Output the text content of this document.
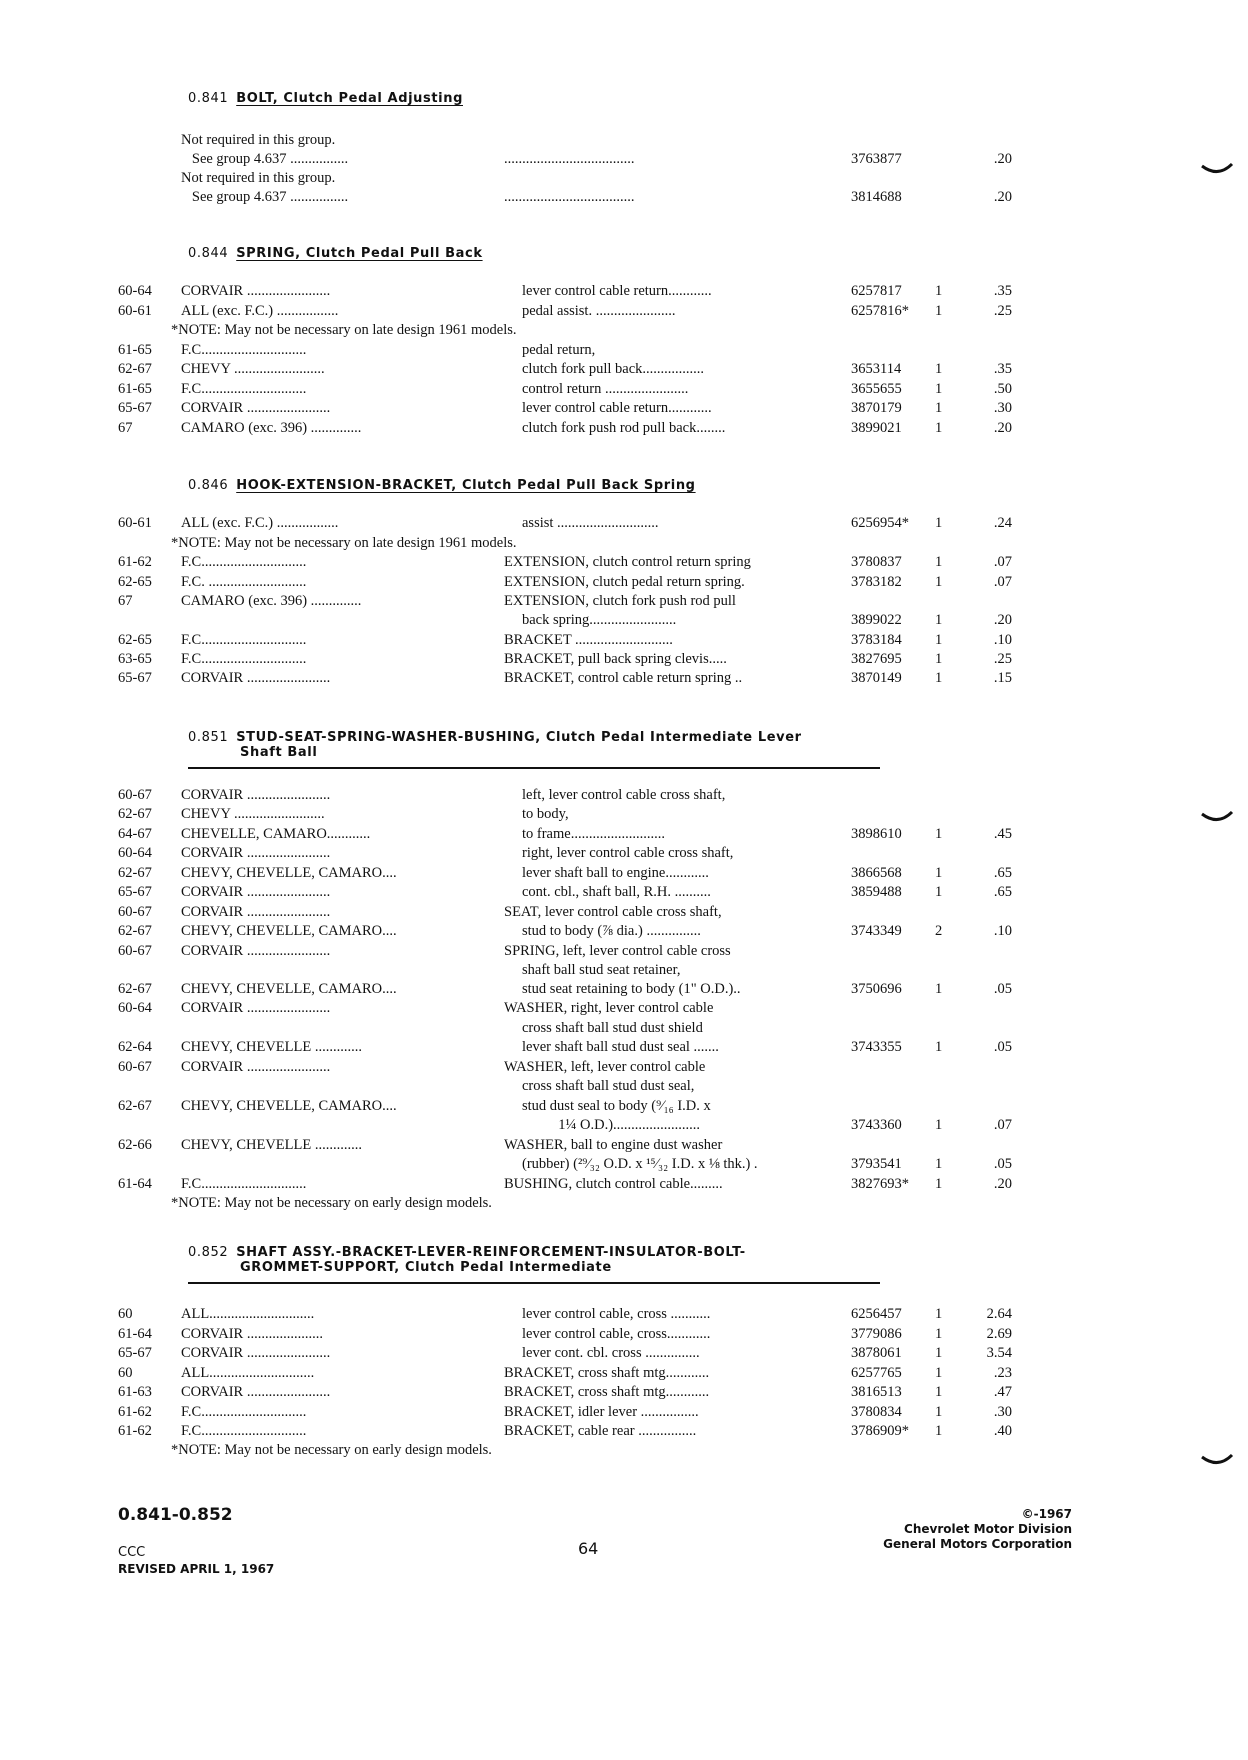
0.841 BOLT, Clutch Pedal Adjusting
Not required in this group.
See group 4.637 ................	....................................	3763877	.20
Not required in this group.
See group 4.637 ................	....................................	3814688	.20
0.844 SPRING, Clutch Pedal Pull Back
60-64 CORVAIR .......................	lever control cable return............	6257817 1	.35
60-61 ALL (exc. F.C.) .................	pedal assist. ......................	6257816* 1	.25
*NOTE: May not be necessary on late design 1961 models.
61-65 F.C.............................	pedal return,
62-67 CHEVY .........................	clutch fork pull back.................	3653114 1	.35
61-65 F.C.............................	control return .......................	3655655 1	.50
65-67 CORVAIR .......................	lever control cable return............	3870179 1	.30
67	CAMARO (exc. 396) ..............	clutch fork push rod pull back........	3899021 1	.20
0.846 HOOK-EXTENSION-BRACKET, Clutch Pedal Pull Back Spring
60-61 ALL (exc. F.C.) .................	assist ............................	6256954* 1	.24
*NOTE: May not be necessary on late design 1961 models.
61-62 F.C.............................	EXTENSION, clutch control return spring	3780837 1	.07
62-65 F.C. ...........................	EXTENSION, clutch pedal return spring.	3783182 1	.07
67	CAMARO (exc. 396) ..............	EXTENSION, clutch fork push rod pull
back spring........................	3899022 1	.20
62-65 F.C.............................	BRACKET ...........................	3783184 1	.10
63-65 F.C.............................	BRACKET, pull back spring clevis.....	3827695 1	.25
65-67 CORVAIR .......................	BRACKET, control cable return spring ..	3870149 1	.15
0.851 STUD-SEAT-SPRING-WASHER-BUSHING, Clutch Pedal Intermediate Lever
Shaft Ball
60-67 CORVAIR .......................	left, lever control cable cross shaft,
62-67 CHEVY .........................	to body,
64-67 CHEVELLE, CAMARO............	to frame..........................	3898610 1	.45
60-64 CORVAIR .......................	right, lever control cable cross shaft,
62-67 CHEVY, CHEVELLE, CAMARO....	lever shaft ball to engine............	3866568 1	.65
65-67 CORVAIR .......................	cont. cbl., shaft ball, R.H. ..........	3859488 1	.65
60-67 CORVAIR .......................	SEAT, lever control cable cross shaft,
62-67 CHEVY, CHEVELLE, CAMARO....	stud to body (⅞ dia.) ...............	3743349 2	.10
60-67 CORVAIR .......................	SPRING, left, lever control cable cross
shaft ball stud seat retainer,
62-67 CHEVY, CHEVELLE, CAMARO....	stud seat retaining to body (1" O.D.)..	3750696 1	.05
60-64 CORVAIR .......................	WASHER, right, lever control cable
cross shaft ball stud dust shield
62-64 CHEVY, CHEVELLE .............	lever shaft ball stud dust seal .......	3743355 1	.05
60-67 CORVAIR .......................	WASHER, left, lever control cable
cross shaft ball stud dust seal,
62-67 CHEVY, CHEVELLE, CAMARO....	stud dust seal to body (⁹⁄₁₆ I.D. x
1¼ O.D.)........................	3743360 1	.07
62-66 CHEVY, CHEVELLE .............	WASHER, ball to engine dust washer
(rubber) (²⁹⁄₃₂ O.D. x ¹⁵⁄₃₂ I.D. x ⅛ thk.) .	3793541 1	.05
61-64 F.C.............................	BUSHING, clutch control cable.........	3827693* 1	.20
*NOTE: May not be necessary on early design models.
0.852 SHAFT ASSY.-BRACKET-LEVER-REINFORCEMENT-INSULATOR-BOLT-
GROMMET-SUPPORT, Clutch Pedal Intermediate
60	ALL.............................	lever control cable, cross ...........	6256457 1	2.64
61-64 CORVAIR .....................	lever control cable, cross............	3779086 1	2.69
65-67 CORVAIR .......................	lever cont. cbl. cross ...............	3878061 1	3.54
60	ALL.............................	BRACKET, cross shaft mtg............	6257765 1	.23
61-63 CORVAIR .......................	BRACKET, cross shaft mtg............	3816513 1	.47
61-62 F.C.............................	BRACKET, idler lever ................	3780834 1	.30
61-62 F.C.............................	BRACKET, cable rear ................	3786909* 1	.40
*NOTE: May not be necessary on early design models.
0.841-0.852
CCC
REVISED APRIL 1, 1967
64
©-1967
Chevrolet Motor Division
General Motors Corporation
